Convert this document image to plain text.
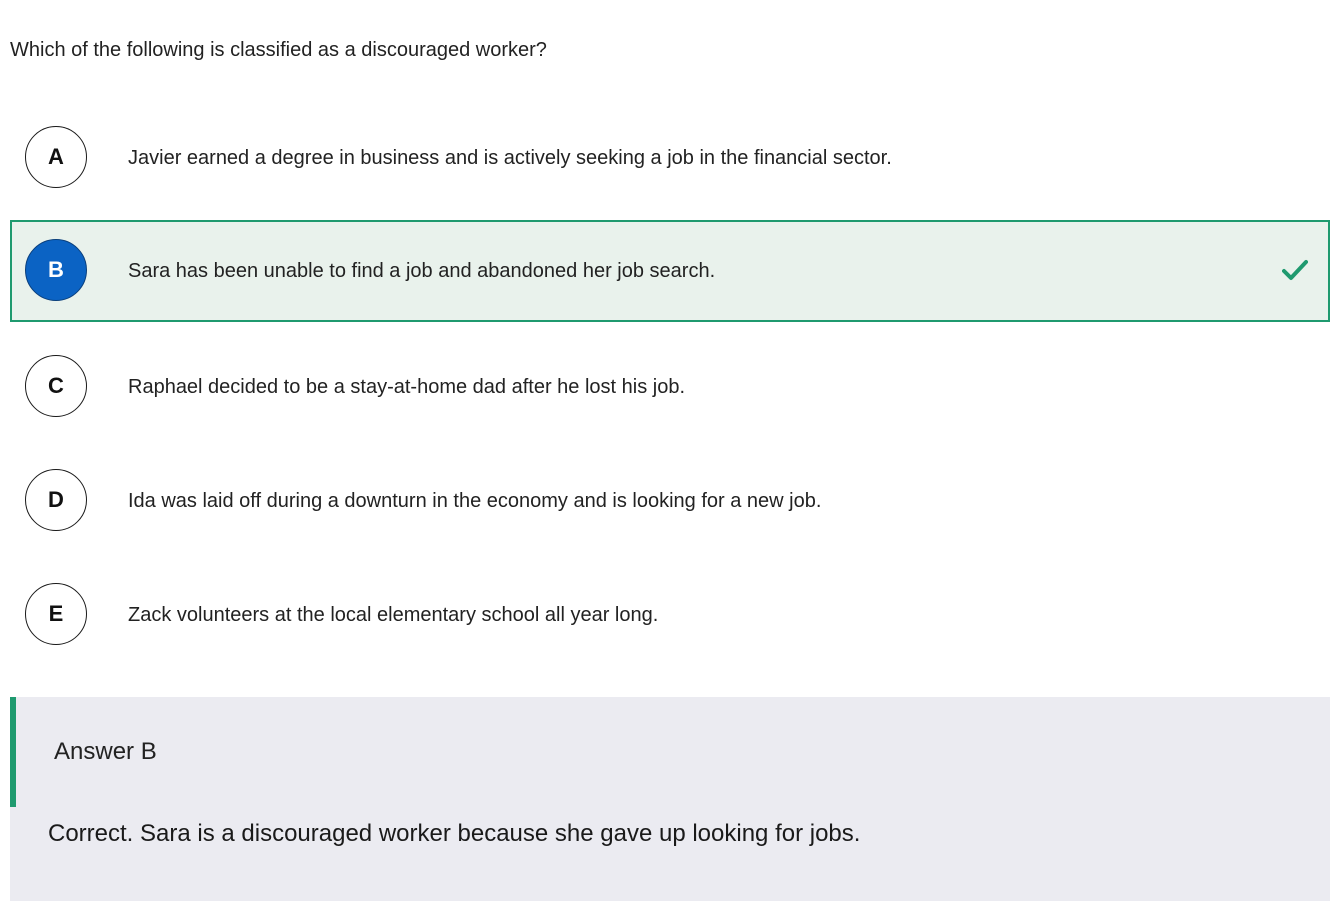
Which of the following is classified as a discouraged worker?
A	Javier earned a degree in business and is actively seeking a job in the financial sector.
B	Sara has been unable to find a job and abandoned her job search.
C	Raphael decided to be a stay-at-home dad after he lost his job.
D	Ida was laid off during a downturn in the economy and is looking for a new job.
E	Zack volunteers at the local elementary school all year long.
Answer B
Correct. Sara is a discouraged worker because she gave up looking for jobs.
